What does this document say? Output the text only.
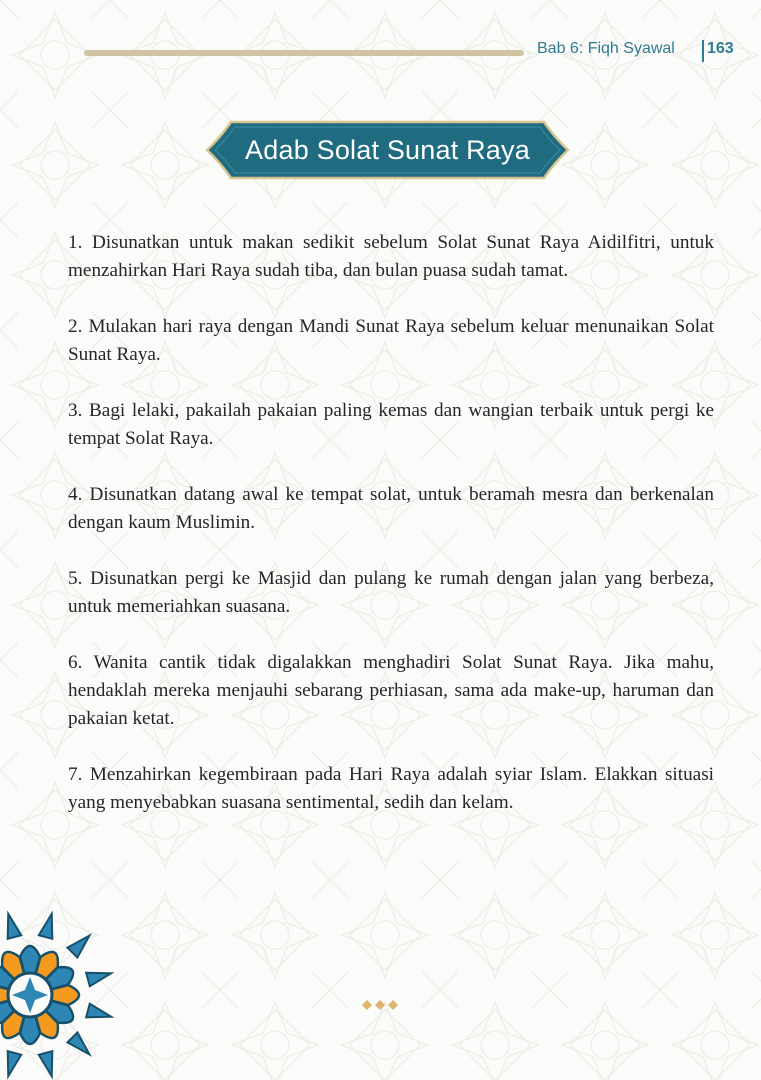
Bab 6: Fiqh Syawal 163
Adab Solat Sunat Raya

1. Disunatkan untuk makan sedikit sebelum Solat Sunat Raya Aidilfitri, untuk menzahirkan Hari Raya sudah tiba, dan bulan puasa sudah tamat.

2. Mulakan hari raya dengan Mandi Sunat Raya sebelum keluar menunaikan Solat Sunat Raya.

3. Bagi lelaki, pakailah pakaian paling kemas dan wangian terbaik untuk pergi ke tempat Solat Raya.

4. Disunatkan datang awal ke tempat solat, untuk beramah mesra dan berkenalan dengan kaum Muslimin.

5. Disunatkan pergi ke Masjid dan pulang ke rumah dengan jalan yang berbeza, untuk memeriahkan suasana.

6. Wanita cantik tidak digalakkan menghadiri Solat Sunat Raya. Jika mahu, hendaklah mereka menjauhi sebarang perhiasan, sama ada make-up, haruman dan pakaian ketat.

7. Menzahirkan kegembiraan pada Hari Raya adalah syiar Islam. Elakkan situasi yang menyebabkan suasana sentimental, sedih dan kelam.
